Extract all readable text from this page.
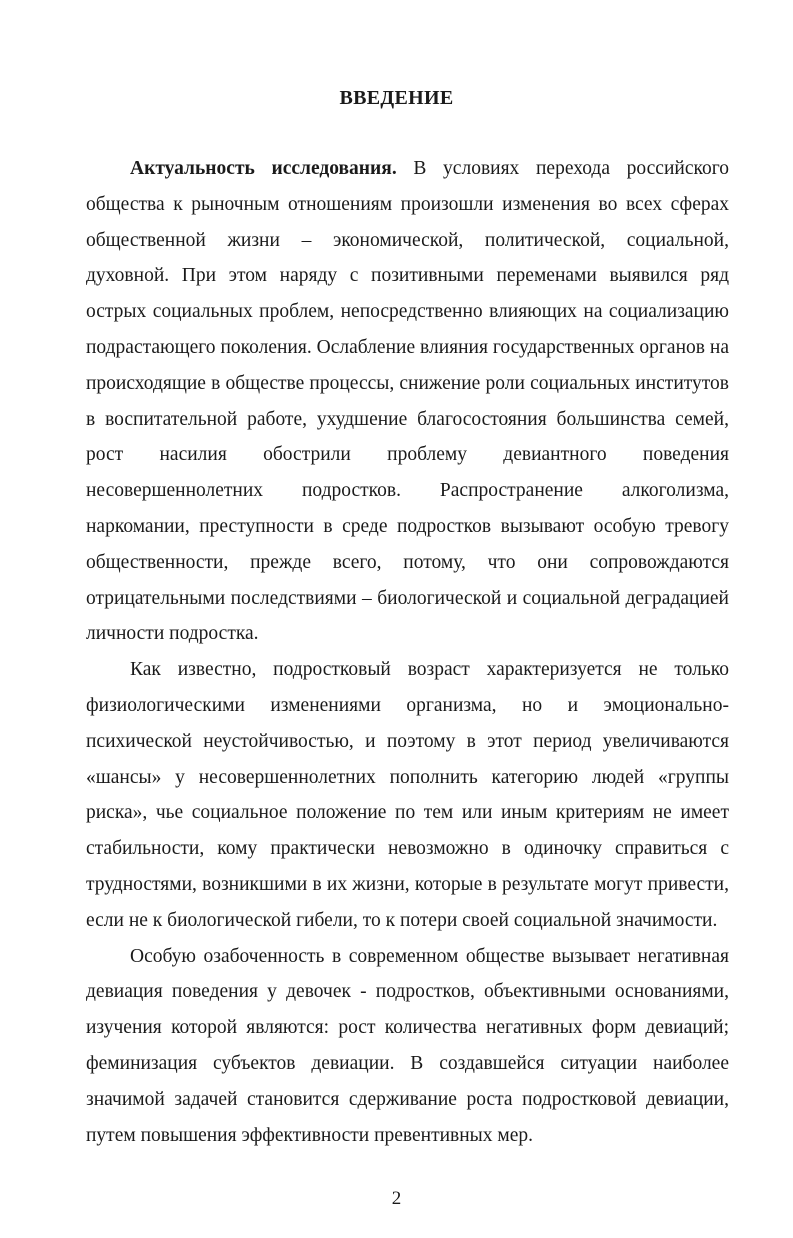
ВВЕДЕНИЕ

Актуальность исследования. В условиях перехода российского общества к рыночным отношениям произошли изменения во всех сферах общественной жизни – экономической, политической, социальной, духовной. При этом наряду с позитивными переменами выявился ряд острых социальных проблем, непосредственно влияющих на социализацию подрастающего поколения. Ослабление влияния государственных органов на происходящие в обществе процессы, снижение роли социальных институтов в воспитательной работе, ухудшение благосостояния большинства семей, рост насилия обострили проблему девиантного поведения несовершеннолетних подростков. Распространение алкоголизма, наркомании, преступности в среде подростков вызывают особую тревогу общественности, прежде всего, потому, что они сопровождаются отрицательными последствиями – биологической и социальной деградацией личности подростка.

Как известно, подростковый возраст характеризуется не только физиологическими изменениями организма, но и эмоционально-психической неустойчивостью, и поэтому в этот период увеличиваются «шансы» у несовершеннолетних пополнить категорию людей «группы риска», чье социальное положение по тем или иным критериям не имеет стабильности, кому практически невозможно в одиночку справиться с трудностями, возникшими в их жизни, которые в результате могут привести, если не к биологической гибели, то к потери своей социальной значимости.

Особую озабоченность в современном обществе вызывает негативная девиация поведения у девочек - подростков, объективными основаниями, изучения которой являются: рост количества негативных форм девиаций; феминизация субъектов девиации. В создавшейся ситуации наиболее значимой задачей становится сдерживание роста подростковой девиации, путем повышения эффективности превентивных мер.

2
